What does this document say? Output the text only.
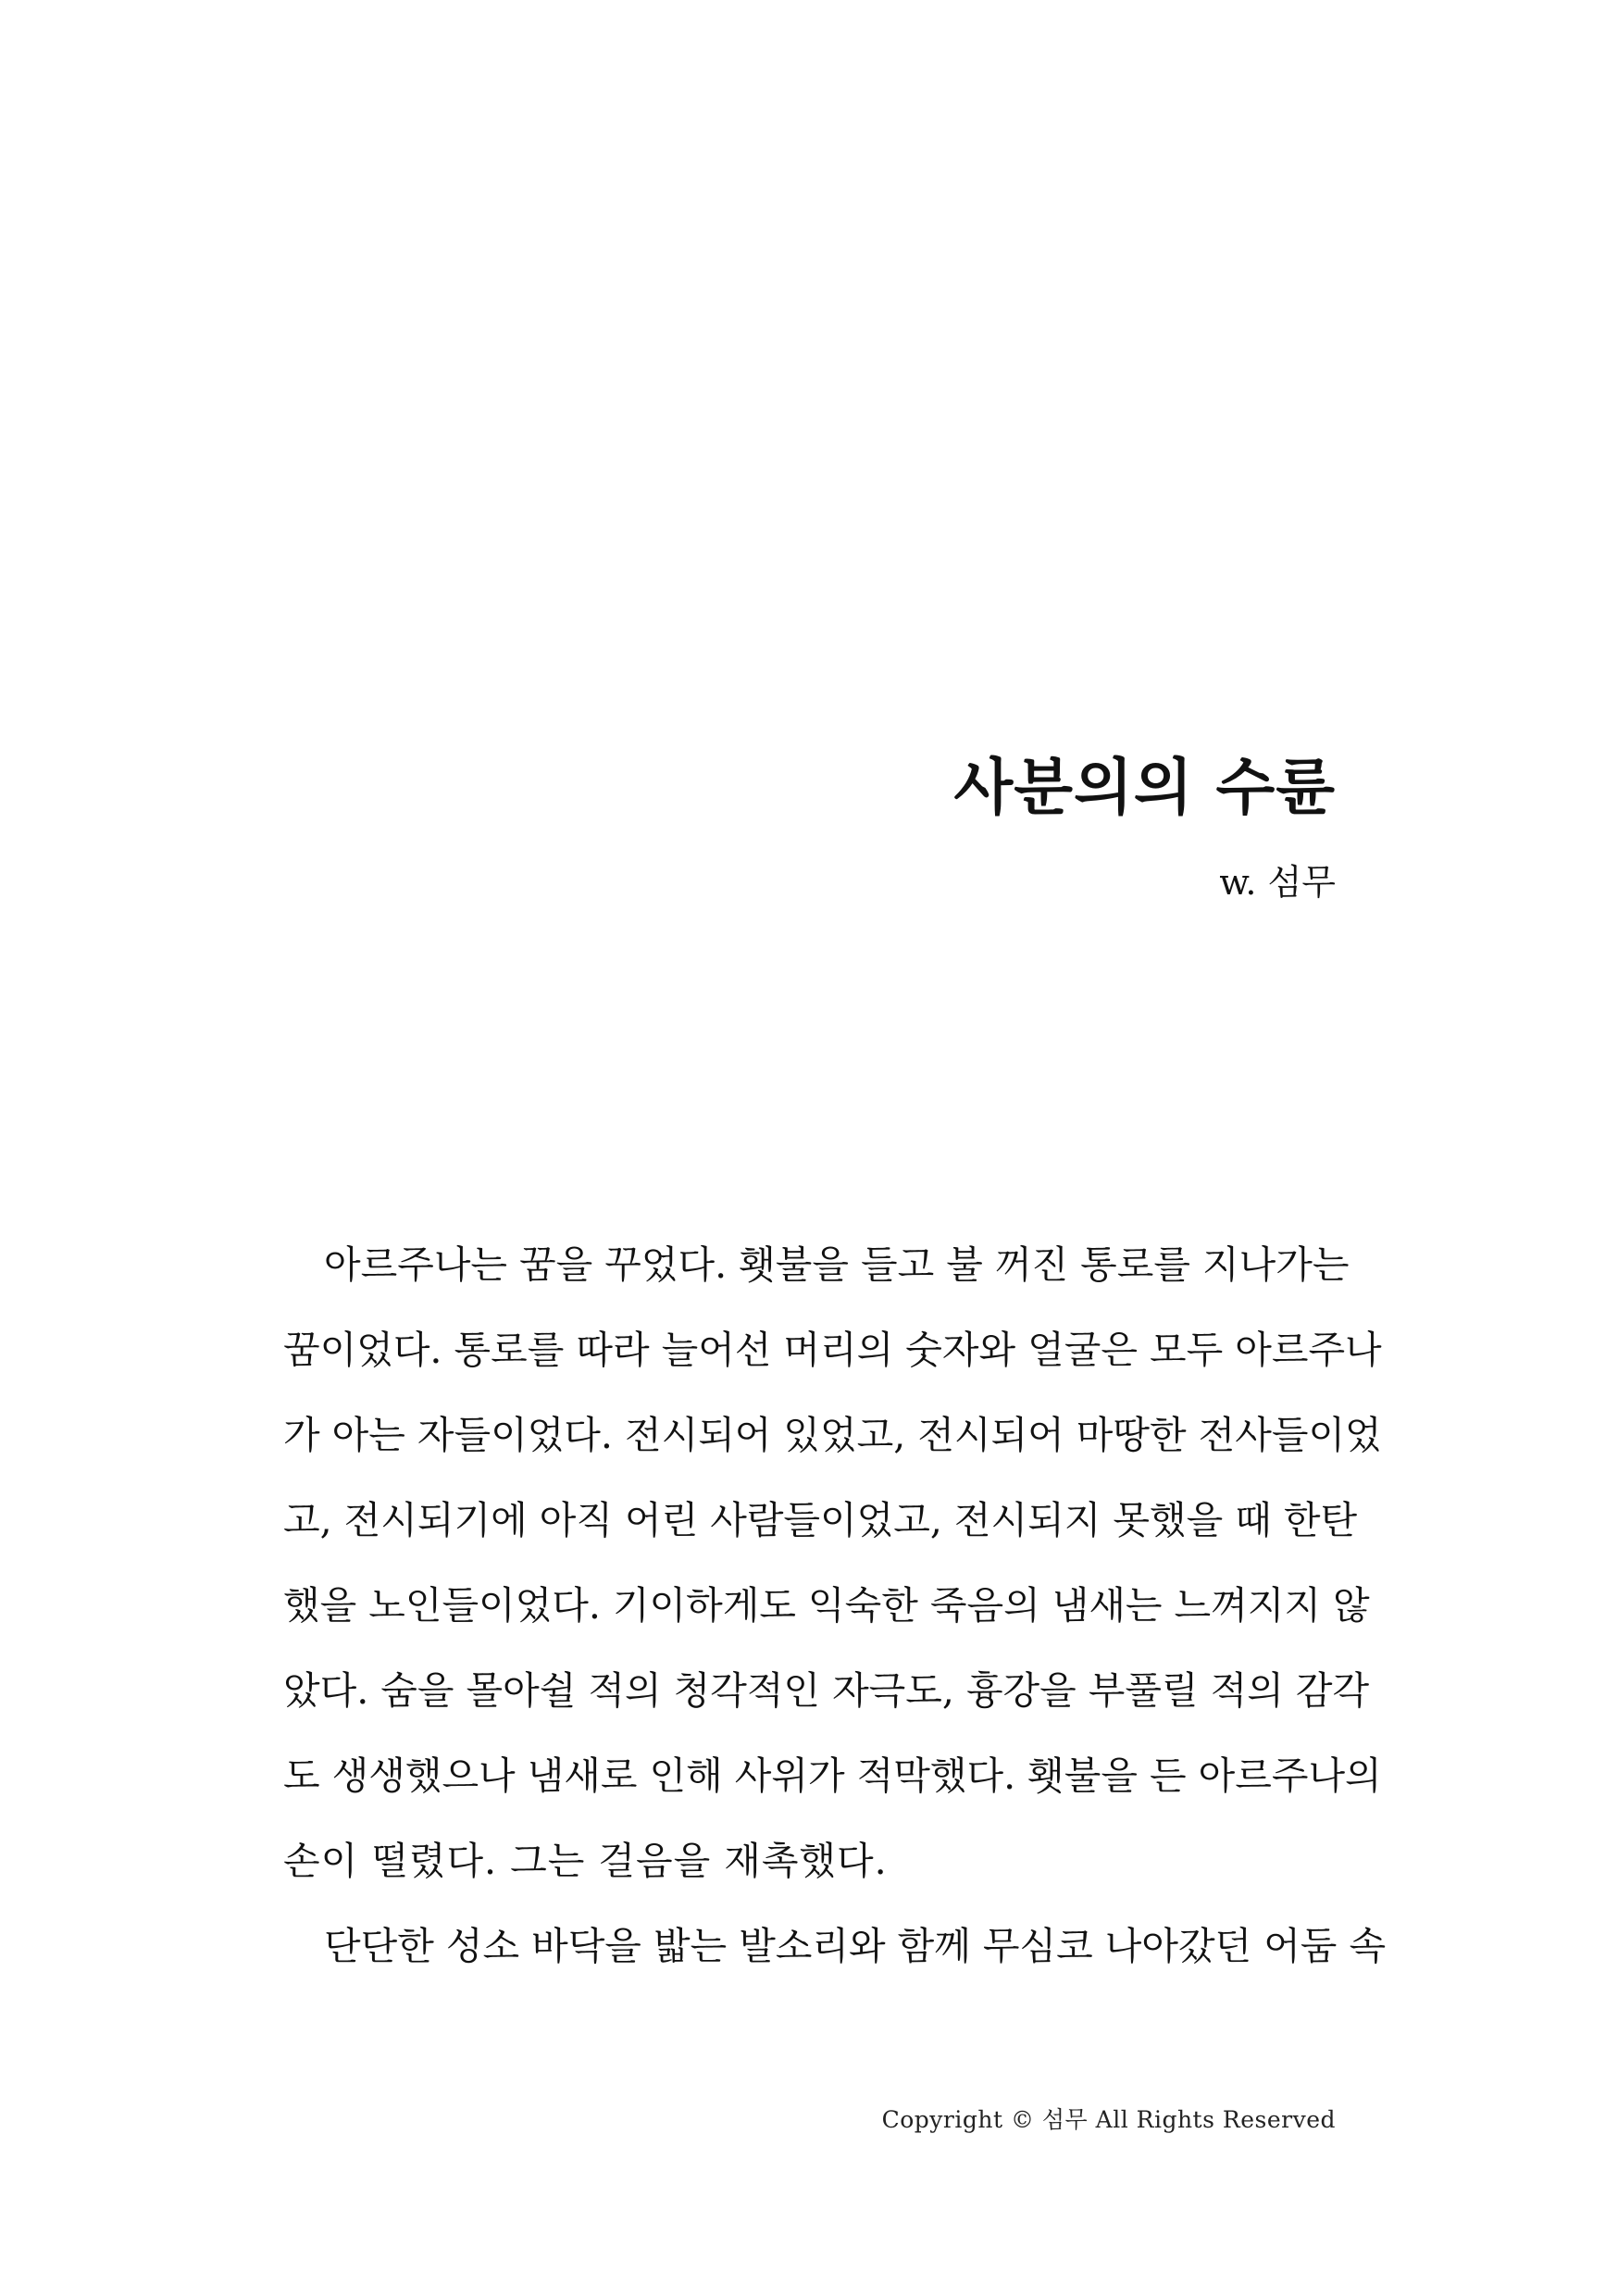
사분의의 수륜
w. 섬무
아르주나는 꿈을 꾸었다. 횃불을 들고 불 꺼진 통로를 지나가는
꿈이었다. 통로를 따라 늘어선 머리의 숫자와 얼굴은 모두 아르주나
가 아는 자들이었다. 전시되어 있었고, 전시되어 마땅한 전사들이었
고, 전시되기에 아직 어린 사람들이었고, 전시되지 못했을 때 한탄
했을 노인들이었다. 기이하게도 익숙한 죽음의 냄새는 느껴지지 않
았다. 숨을 몰아쉴 적의 청각적인 자극도, 흉강을 부풀릴 적의 감각
도 생생했으나 냄새로 인해 사위가 적막했다. 횃불을 든 아르주나의
손이 떨렸다. 그는 걸음을 재촉했다.
단단한 성소 바닥을 밟는 발소리와 함께 무심코 나아갔던 어둠 속
Copyright © 섬무 All Rights Reserved
